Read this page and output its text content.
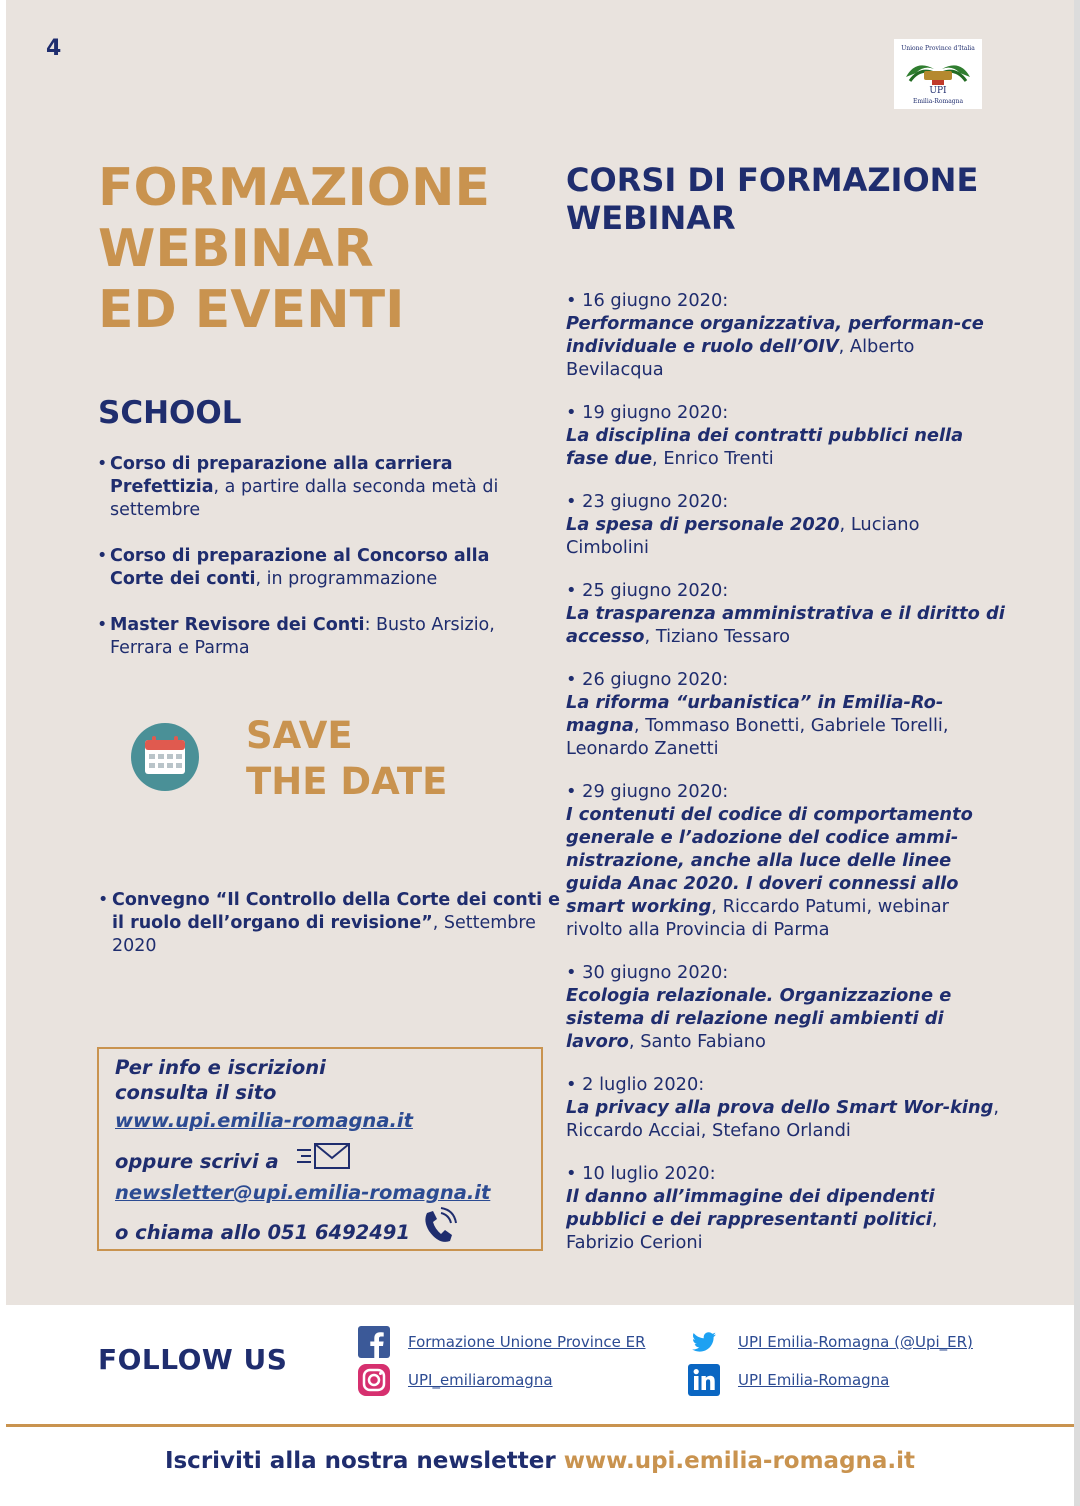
4	Unione Province d'Italia
UPI
Emilia-Romagna
FORMAZIONE
WEBINAR
ED EVENTI
SCHOOL
• Corso di preparazione alla carriera Prefettizia, a partire dalla seconda metà di settembre
• Corso di preparazione al Concorso alla Corte dei conti, in programmazione
• Master Revisore dei Conti: Busto Arsizio, Ferrara e Parma
SAVE
THE DATE
• Convegno “Il Controllo della Corte dei conti e il ruolo dell’organo di revisione”, Settembre 2020
Per info e iscrizioni
consulta il sito
www.upi.emilia-romagna.it
oppure scrivi a
newsletter@upi.emilia-romagna.it
o chiama allo 051 6492491
CORSI DI FORMAZIONE
WEBINAR
• 16 giugno 2020:
Performance organizzativa, performan-ce individuale e ruolo dell’OIV, Alberto Bevilacqua
• 19 giugno 2020:
La disciplina dei contratti pubblici nella fase due, Enrico Trenti
• 23 giugno 2020:
La spesa di personale 2020, Luciano Cimbolini
• 25 giugno 2020:
La trasparenza amministrativa e il diritto di accesso, Tiziano Tessaro
• 26 giugno 2020:
La riforma “urbanistica” in Emilia-Ro-magna, Tommaso Bonetti, Gabriele Torelli, Leonardo Zanetti
• 29 giugno 2020:
I contenuti del codice di comportamento generale e l’adozione del codice ammi-nistrazione, anche alla luce delle linee guida Anac 2020. I doveri connessi allo smart working, Riccardo Patumi, webinar rivolto alla Provincia di Parma
• 30 giugno 2020:
Ecologia relazionale. Organizzazione e sistema di relazione negli ambienti di lavoro, Santo Fabiano
• 2 luglio 2020:
La privacy alla prova dello Smart Wor-king, Riccardo Acciai, Stefano Orlandi
• 10 luglio 2020:
Il danno all’immagine dei dipendenti pubblici e dei rappresentanti politici, Fabrizio Cerioni
FOLLOW US
Formazione Unione Province ER
UPI_emiliaromagna
UPI Emilia-Romagna (@Upi_ER)
UPI Emilia-Romagna
Iscriviti alla nostra newsletter www.upi.emilia-romagna.it
